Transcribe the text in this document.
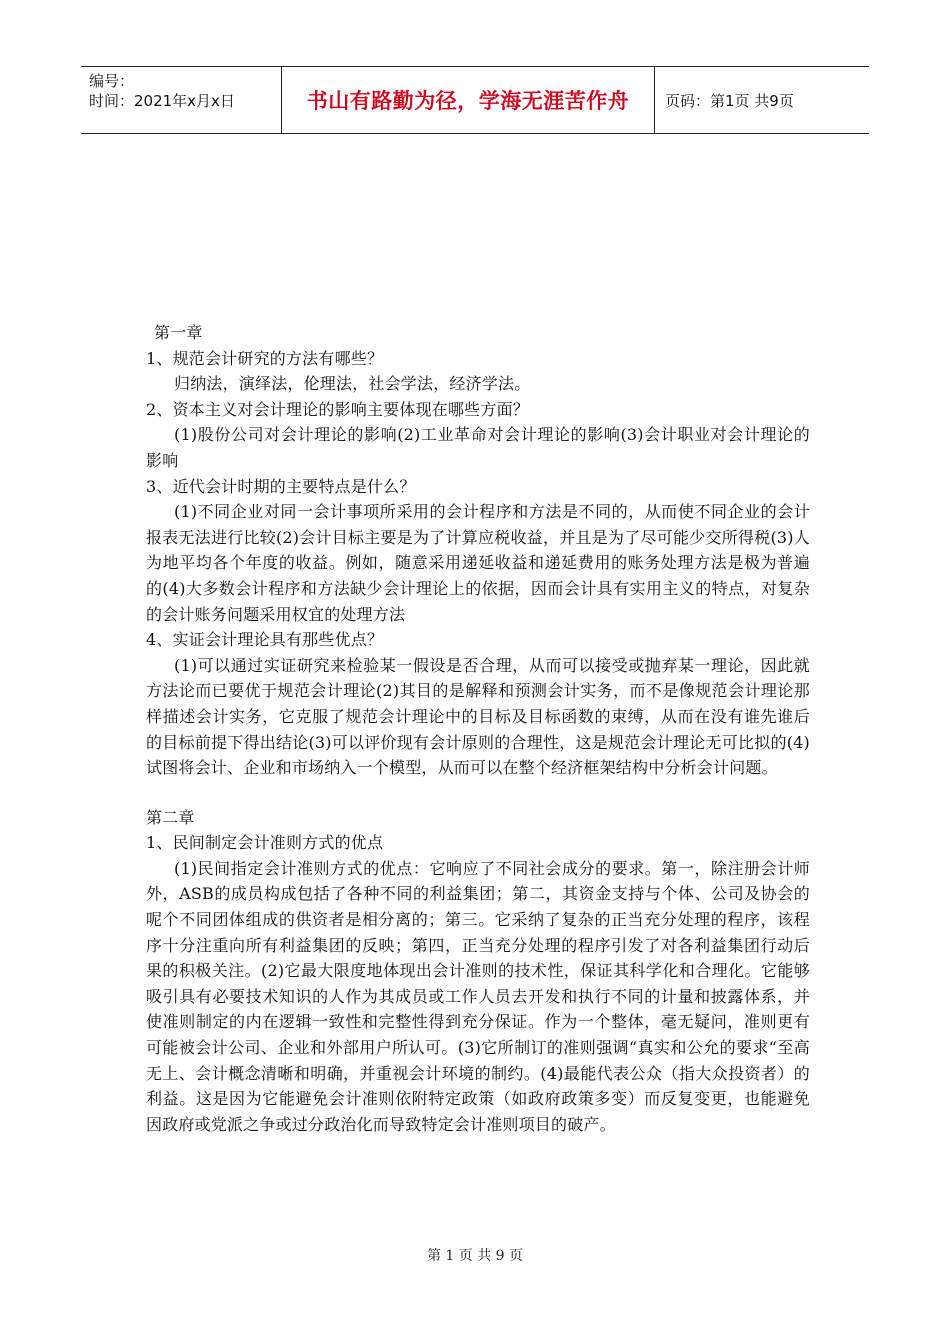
编号：
时间：2021年x月x日	书山有路勤为径，学海无涯苦作舟	页码：第1页 共9页

第一章

1、规范会计研究的方法有哪些？

归纳法，演绎法，伦理法，社会学法，经济学法。

2、资本主义对会计理论的影响主要体现在哪些方面？

(1)股份公司对会计理论的影响(2)工业革命对会计理论的影响(3)会计职业对会计理论的影响

3、近代会计时期的主要特点是什么？

(1)不同企业对同一会计事项所采用的会计程序和方法是不同的，从而使不同企业的会计报表无法进行比较(2)会计目标主要是为了计算应税收益，并且是为了尽可能少交所得税(3)人为地平均各个年度的收益。例如，随意采用递延收益和递延费用的账务处理方法是极为普遍的(4)大多数会计程序和方法缺少会计理论上的依据，因而会计具有实用主义的特点，对复杂的会计账务问题采用权宜的处理方法

4、实证会计理论具有那些优点？

(1)可以通过实证研究来检验某一假设是否合理，从而可以接受或抛弃某一理论，因此就方法论而已要优于规范会计理论(2)其目的是解释和预测会计实务，而不是像规范会计理论那样描述会计实务，它克服了规范会计理论中的目标及目标函数的束缚，从而在没有谁先谁后的目标前提下得出结论(3)可以评价现有会计原则的合理性，这是规范会计理论无可比拟的(4)试图将会计、企业和市场纳入一个模型，从而可以在整个经济框架结构中分析会计问题。

第二章

1、民间制定会计准则方式的优点

(1)民间指定会计准则方式的优点：它响应了不同社会成分的要求。第一，除注册会计师外，ASB的成员构成包括了各种不同的利益集团；第二，其资金支持与个体、公司及协会的呢个不同团体组成的供资者是相分离的；第三。它采纳了复杂的正当充分处理的程序，该程序十分注重向所有利益集团的反映；第四，正当充分处理的程序引发了对各利益集团行动后果的积极关注。(2)它最大限度地体现出会计准则的技术性，保证其科学化和合理化。它能够吸引具有必要技术知识的人作为其成员或工作人员去开发和执行不同的计量和披露体系，并使准则制定的内在逻辑一致性和完整性得到充分保证。作为一个整体，毫无疑问，准则更有可能被会计公司、企业和外部用户所认可。(3)它所制订的准则强调“真实和公允的要求“至高无上、会计概念清晰和明确，并重视会计环境的制约。(4)最能代表公众（指大众投资者）的利益。这是因为它能避免会计准则依附特定政策（如政府政策多变）而反复变更，也能避免因政府或党派之争或过分政治化而导致特定会计准则项目的破产。

第 1 页 共 9 页
